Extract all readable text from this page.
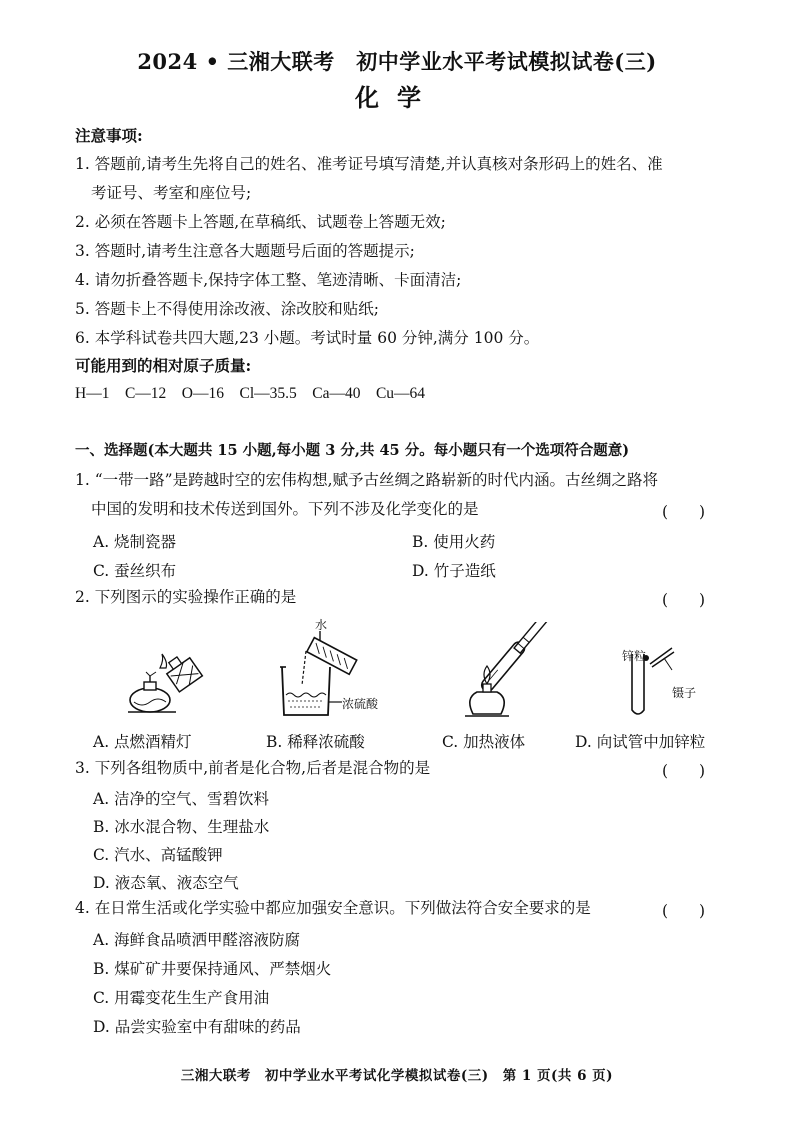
2024 • 三湘大联考　初中学业水平考试模拟试卷(三)
化学
注意事项:
1. 答题前,请考生先将自己的姓名、准考证号填写清楚,并认真核对条形码上的姓名、准
考证号、考室和座位号;
2. 必须在答题卡上答题,在草稿纸、试题卷上答题无效;
3. 答题时,请考生注意各大题题号后面的答题提示;
4. 请勿折叠答题卡,保持字体工整、笔迹清晰、卡面清洁;
5. 答题卡上不得使用涂改液、涂改胶和贴纸;
6. 本学科试卷共四大题,23 小题。考试时量 60 分钟,满分 100 分。
可能用到的相对原子质量:
H—1　C—12　O—16　Cl—35.5　Ca—40　Cu—64
一、选择题(本大题共 15 小题,每小题 3 分,共 45 分。每小题只有一个选项符合题意)
1. “一带一路”是跨越时空的宏伟构想,赋予古丝绸之路崭新的时代内涵。古丝绸之路将
中国的发明和技术传送到国外。下列不涉及化学变化的是	(　　)
A. 烧制瓷器	B. 使用火药
C. 蚕丝织布	D. 竹子造纸
2. 下列图示的实验操作正确的是	(　　)
水
浓硫酸
锌粒
镊子
A. 点燃酒精灯	B. 稀释浓硫酸	C. 加热液体	D. 向试管中加锌粒
3. 下列各组物质中,前者是化合物,后者是混合物的是	(　　)
A. 洁净的空气、雪碧饮料
B. 冰水混合物、生理盐水
C. 汽水、高锰酸钾
D. 液态氧、液态空气
4. 在日常生活或化学实验中都应加强安全意识。下列做法符合安全要求的是	(　　)
A. 海鲜食品喷洒甲醛溶液防腐
B. 煤矿矿井要保持通风、严禁烟火
C. 用霉变花生生产食用油
D. 品尝实验室中有甜味的药品
三湘大联考　初中学业水平考试化学模拟试卷(三)　第 1 页(共 6 页)
